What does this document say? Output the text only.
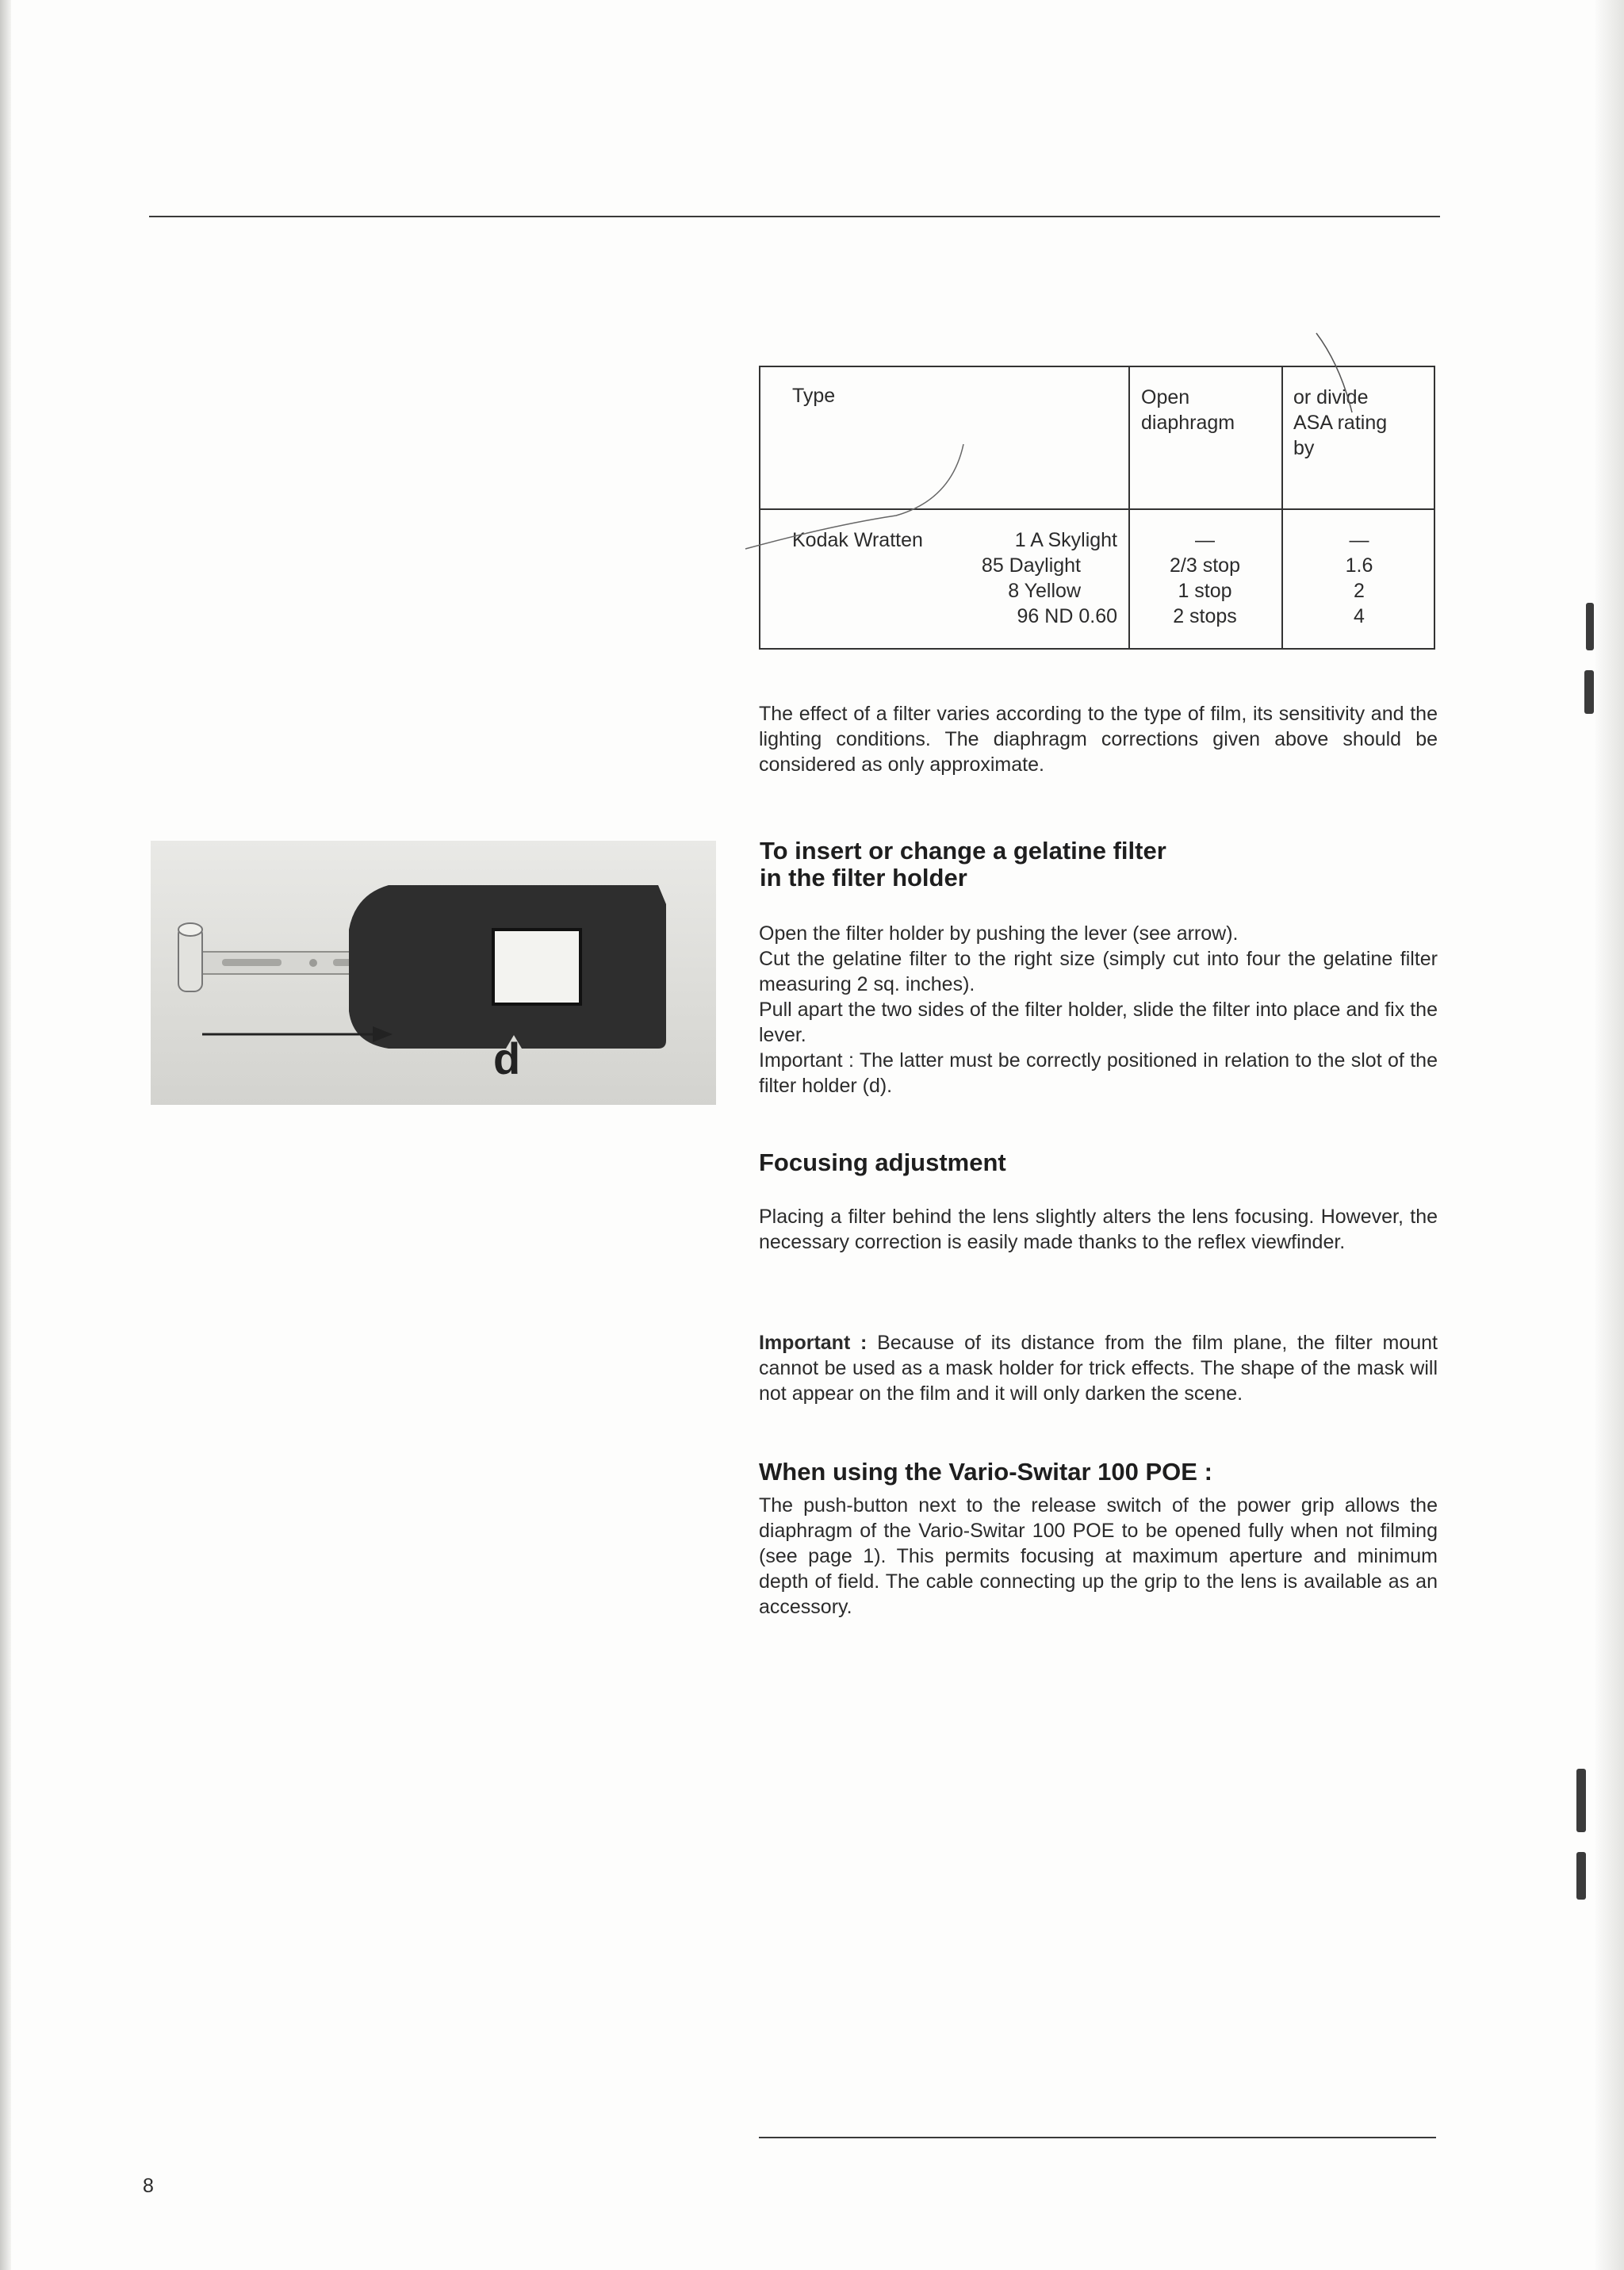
Type	Open
diaphragm
or divide
ASA rating
by
Kodak Wratten	1 A Skylight
85 Daylight
8 Yellow
96 ND 0.60
—
2/3 stop
1 stop
2 stops
—
1.6
2
4
The effect of a filter varies according to the type of film, its sensitivity and the lighting conditions. The diaphragm corrections given above should be considered as only approximate.
d
To insert or change a gelatine filter
in the filter holder

Open the filter holder by pushing the lever (see arrow).

Cut the gelatine filter to the right size (simply cut into four the gelatine filter measuring 2 sq. inches).

Pull apart the two sides of the filter holder, slide the filter into place and fix the lever.

Important : The latter must be correctly positioned in relation to the slot of the filter holder (d).

Focusing adjustment
Placing a filter behind the lens slightly alters the lens focusing. However, the necessary correction is easily made thanks to the reflex viewfinder.
Important : Because of its distance from the film plane, the filter mount cannot be used as a mask holder for trick effects. The shape of the mask will not appear on the film and it will only darken the scene.
When using the Vario-Switar 100 POE :
The push-button next to the release switch of the power grip allows the diaphragm of the Vario-Switar 100 POE to be opened fully when not filming (see page 1). This permits focusing at maximum aperture and minimum depth of field. The cable connecting up the grip to the lens is available as an accessory.
8
